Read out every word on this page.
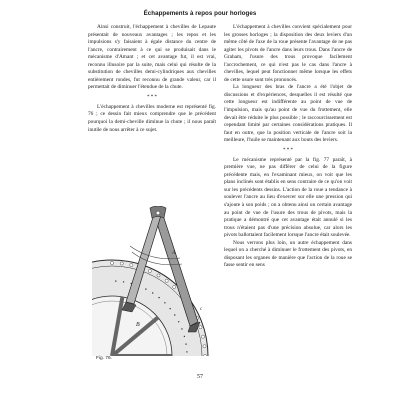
Échappements à repos pour horloges

Ainsi construit, l'échappement à chevilles de Lepaute présentait de nouveaux avantages ; les repos et les impulsions s'y faisaient à égale distance du centre de l'ancre, contrairement à ce qui se produisait dans le mécanisme d'Amant ; et cet avantage fut, il est vrai, reconnu illusoire par la suite, mais celui qui résulte de la substitution de chevilles demi-cylindriques aux chevilles entièrement rondes, fut reconnu de grande valeur, car il permettait de diminuer l'étendue de la chute.

* * *

L'échappement à chevilles moderne est représenté fig. 76 ; ce dessin fait mieux comprendre que le précédent pourquoi la demi-cheville diminue la chute ; il nous paraît inutile de nous arrêter à ce sujet.

L'échappement à chevilles convient spécialement pour les grosses horloges ; la disposition des deux leviers d'un même côté de l'axe de la roue présente l'avantage de ne pas agiter les pivots de l'ancre dans leurs trous. Dans l'ancre de Graham, l'usure des trous provoque facilement l'accrochement, ce qui n'est pas le cas dans l'ancre à chevilles, lequel peut fonctionner même lorsque les effets de cette usure sont très prononcés.

La longueur des bras de l'ancre a été l'objet de discussions et d'expériences, desquelles il est résulté que cette longueur est indifférente au point de vue de l'impulsion, mais qu'au point de vue du frottement, elle devait être réduite le plus possible ; le raccourcissement est cependant limité par certaines considérations pratiques. Il faut en outre, que la position verticale de l'ancre soit la meilleure, l'huile se maintenant aux bouts des leviers.

* * *

Le mécanisme représenté par la fig. 77 paraît, à première vue, ne pas différer de celui de la figure précédente mais, en l'examinant mieux, on voit que les plans inclinés sont établis en sens contraire de ce qu'on voit sur les précédents dessins. L'action de la roue a tendance à soulever l'ancre au lieu d'exercer sur elle une pression qui s'ajoute à son poids ; on a obtenu ainsi un certain avantage au point de vue de l'usure des trous de pivots, mais la pratique a démontré que cet avantage était annulé si les trous n'étaient pas d'une précision absolue, car alors les pivots ballottaient facilement lorsque l'ancre était soulevée.

Nous verrons plus loin, un autre échappement dans lequel on a cherché à diminuer le frottement des pivots, en disposant les organes de manière que l'action de la roue se fasse sentir en sens

A
B
c
Fig. 76.
57
